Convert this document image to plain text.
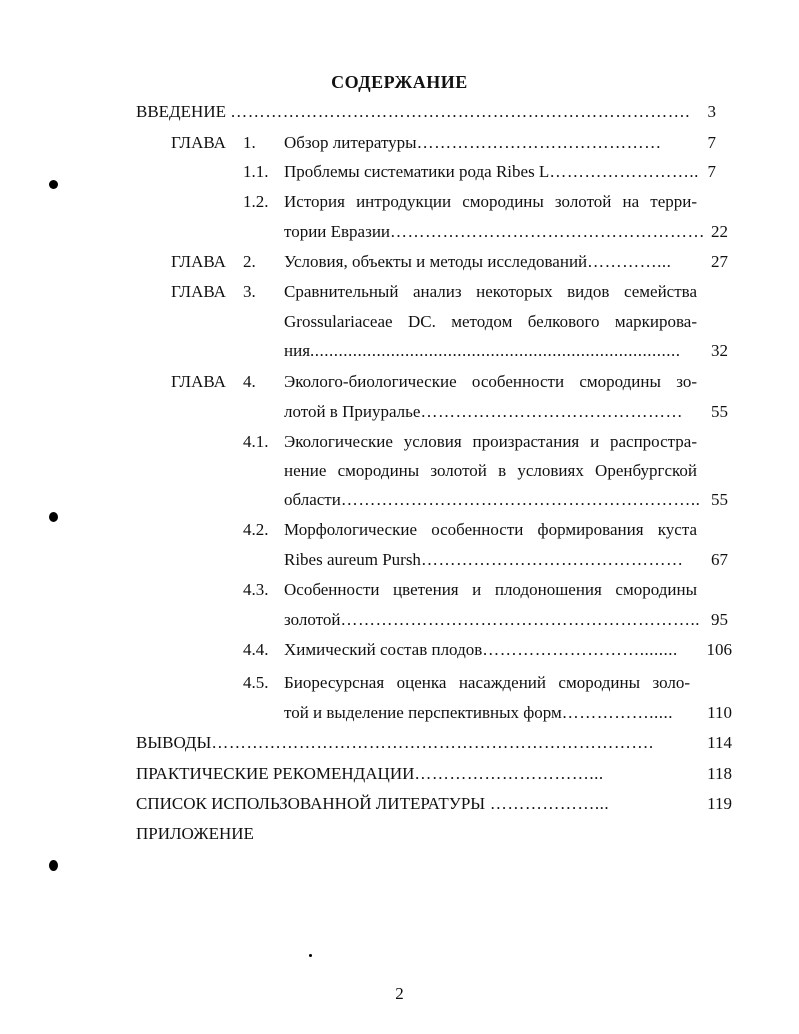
СОДЕРЖАНИЕ
ВВЕДЕНИЕ …………………………………………………………………….	3
ГЛАВА 1. Обзор литературы……………………………………	7
1.1. Проблемы систематики рода Ribes L…………………….. 7
1.2. История интродукции смородины золотой на терри-
тории Евразии……………………………………………… 22
ГЛАВА 2. Условия, объекты и методы исследований…………...	27
ГЛАВА 3. Сравнительный анализ некоторых видов семейства
Grossulariaceae DC. методом белкового маркирова-
ния..............................................................................	32
ГЛАВА 4. Эколого-биологические особенности смородины зо-
лотой в Приуралье………………………………………	55
4.1. Экологические условия произрастания и распростра-
нение смородины золотой в условиях Оренбургской
области…………………………………………………….. 55
4.2. Морфологические особенности формирования куста
Ribes aureum Pursh………………………………………	67
4.3. Особенности цветения и плодоношения смородины
золотой…………………………………………………….. 95
4.4. Химический состав плодов………………………........	106
4.5. Биоресурсная оценка насаждений смородины золо-
той и выделение перспективных форм…………….....	110
ВЫВОДЫ………………………………………………………………….	114
ПРАКТИЧЕСКИЕ РЕКОМЕНДАЦИИ…………………………...	118
СПИСОК ИСПОЛЬЗОВАННОЙ ЛИТЕРАТУРЫ ………………...	119
ПРИЛОЖЕНИЕ
2
